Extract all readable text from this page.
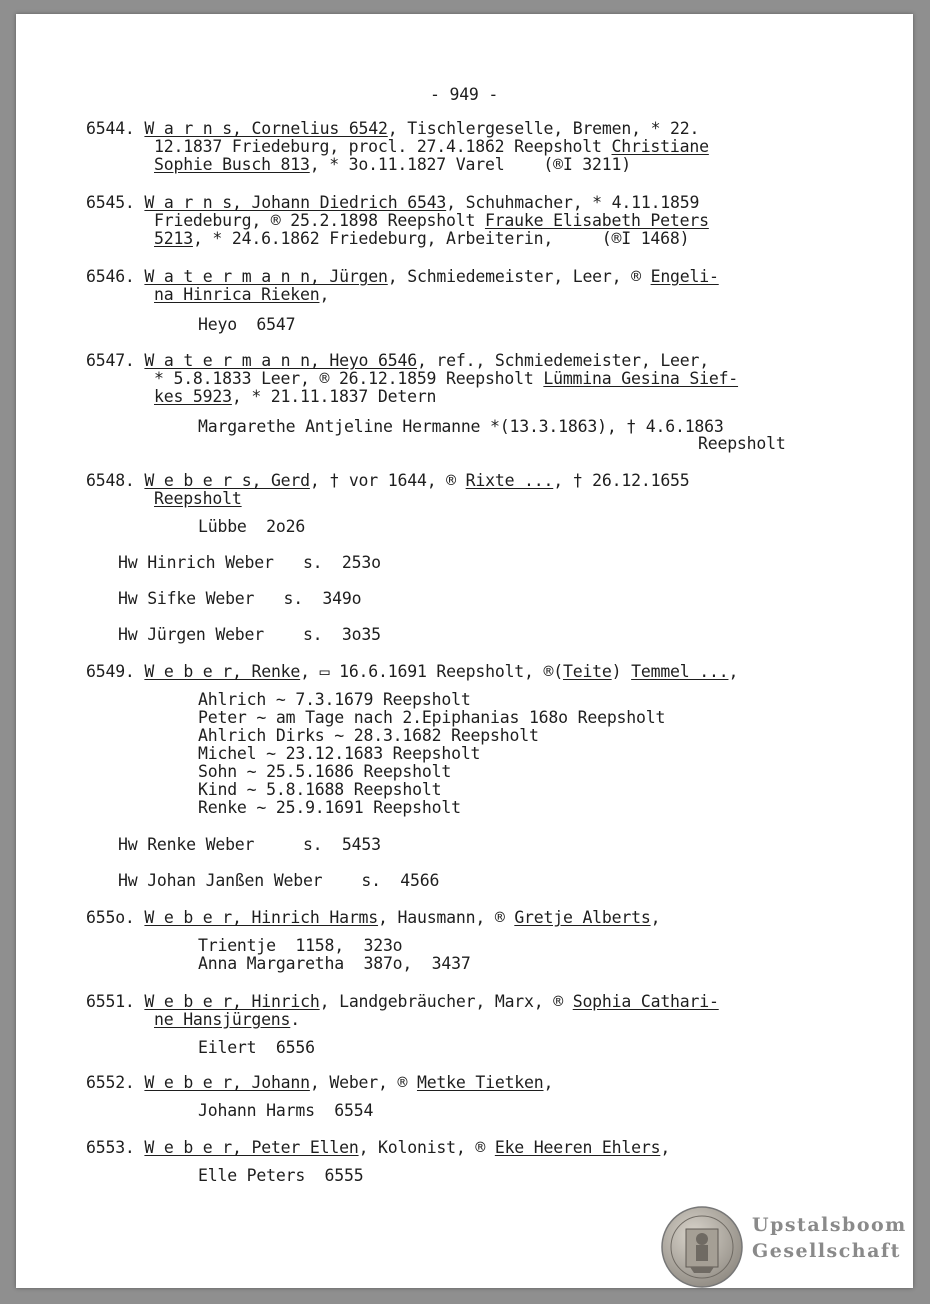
- 949 -
6544. W a r n s, Cornelius 6542, Tischlergeselle, Bremen, * 22.
12.1837 Friedeburg, procl. 27.4.1862 Reepsholt Christiane
Sophie Busch 813, * 3o.11.1827 Varel    (®I 3211)
6545. W a r n s, Johann Diedrich 6543, Schuhmacher, * 4.11.1859
Friedeburg, ® 25.2.1898 Reepsholt Frauke Elisabeth Peters
5213, * 24.6.1862 Friedeburg, Arbeiterin,     (®I 1468)
6546. W a t e r m a n n, Jürgen, Schmiedemeister, Leer, ® Engeli-
na Hinrica Rieken,
Heyo  6547
6547. W a t e r m a n n, Heyo 6546, ref., Schmiedemeister, Leer,
* 5.8.1833 Leer, ® 26.12.1859 Reepsholt Lümmina Gesina Sief-
kes 5923, * 21.11.1837 Detern
Margarethe Antjeline Hermanne *(13.3.1863), † 4.6.1863
Reepsholt
6548. W e b e r s, Gerd, † vor 1644, ® Rixte ..., † 26.12.1655
Reepsholt
Lübbe  2o26
Hw Hinrich Weber   s.  253o
Hw Sifke Weber   s.  349o
Hw Jürgen Weber    s.  3o35
6549. W e b e r, Renke, ▭ 16.6.1691 Reepsholt, ®(Teite) Temmel ...,
Ahlrich ~ 7.3.1679 Reepsholt
Peter ~ am Tage nach 2.Epiphanias 168o Reepsholt
Ahlrich Dirks ~ 28.3.1682 Reepsholt
Michel ~ 23.12.1683 Reepsholt
Sohn ~ 25.5.1686 Reepsholt
Kind ~ 5.8.1688 Reepsholt
Renke ~ 25.9.1691 Reepsholt
Hw Renke Weber     s.  5453
Hw Johan Janßen Weber    s.  4566
655o. W e b e r, Hinrich Harms, Hausmann, ® Gretje Alberts,
Trientje  1158,  323o
Anna Margaretha  387o,  3437
6551. W e b e r, Hinrich, Landgebräucher, Marx, ® Sophia Cathari-
ne Hansjürgens.
Eilert  6556
6552. W e b e r, Johann, Weber, ® Metke Tietken,
Johann Harms  6554
6553. W e b e r, Peter Ellen, Kolonist, ® Eke Heeren Ehlers,
Elle Peters  6555
Upstalsboom
Gesellschaft
